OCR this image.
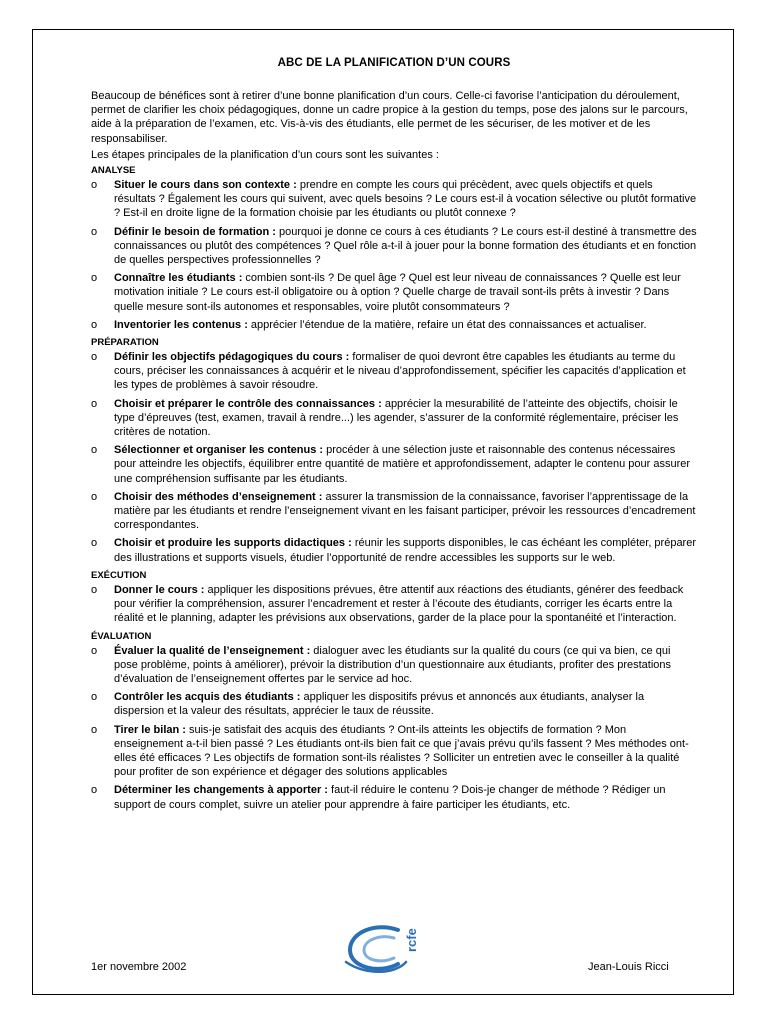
ABC DE LA PLANIFICATION D’UN COURS

Beaucoup de bénéfices sont à retirer d’une bonne planification d’un cours. Celle-ci favorise l’anticipation du déroulement, permet de clarifier les choix pédagogiques, donne un cadre propice à la gestion du temps, pose des jalons sur le parcours, aide à la préparation de l’examen, etc. Vis-à-vis des étudiants, elle permet de les sécuriser, de les motiver et de les responsabiliser.

Les étapes principales de la planification d’un cours sont les suivantes :

ANALYSE
o Situer le cours dans son contexte : prendre en compte les cours qui précèdent, avec quels objectifs et quels résultats ? Également les cours qui suivent, avec quels besoins ? Le cours est-il à vocation sélective ou plutôt formative ? Est-il en droite ligne de la formation choisie par les étudiants ou plutôt connexe ?
o Définir le besoin de formation : pourquoi je donne ce cours à ces étudiants ? Le cours est-il destiné à transmettre des connaissances ou plutôt des compétences ? Quel rôle a-t-il à jouer pour la bonne formation des étudiants et en fonction de quelles perspectives professionnelles ?
o Connaître les étudiants : combien sont-ils ? De quel âge ? Quel est leur niveau de connaissances ? Quelle est leur motivation initiale ? Le cours est-il obligatoire ou à option ? Quelle charge de travail sont-ils prêts à investir ? Dans quelle mesure sont-ils autonomes et responsables, voire plutôt consommateurs ?
o Inventorier les contenus : apprécier l’étendue de la matière, refaire un état des connaissances et actualiser.
PRÉPARATION
o Définir les objectifs pédagogiques du cours : formaliser de quoi devront être capables les étudiants au terme du cours, préciser les connaissances à acquérir et le niveau d’approfondissement, spécifier les capacités d’application et les types de problèmes à savoir résoudre.
o Choisir et préparer le contrôle des connaissances : apprécier la mesurabilité de l’atteinte des objectifs, choisir le type d’épreuves (test, examen, travail à rendre...) les agender, s’assurer de la conformité réglementaire, préciser les critères de notation.
o Sélectionner et organiser les contenus : procéder à une sélection juste et raisonnable des contenus nécessaires pour atteindre les objectifs, équilibrer entre quantité de matière et approfondissement, adapter le contenu pour assurer une compréhension suffisante par les étudiants.
o Choisir des méthodes d’enseignement : assurer la transmission de la connaissance, favoriser l’apprentissage de la matière par les étudiants et rendre l’enseignement vivant en les faisant participer, prévoir les ressources d’encadrement correspondantes.
o Choisir et produire les supports didactiques : réunir les supports disponibles, le cas échéant les compléter, préparer des illustrations et supports visuels, étudier l’opportunité de rendre accessibles les supports sur le web.
EXÉCUTION
o Donner le cours : appliquer les dispositions prévues, être attentif aux réactions des étudiants, générer des feedback pour vérifier la compréhension, assurer l’encadrement et rester à l’écoute des étudiants, corriger les écarts entre la réalité et le planning, adapter les prévisions aux observations, garder de la place pour la spontanéité et l’interaction.
ÉVALUATION
o Évaluer la qualité de l’enseignement : dialoguer avec les étudiants sur la qualité du cours (ce qui va bien, ce qui pose problème, points à améliorer), prévoir la distribution d’un questionnaire aux étudiants, profiter des prestations d’évaluation de l’enseignement offertes par le service ad hoc.
o Contrôler les acquis des étudiants : appliquer les dispositifs prévus et annoncés aux étudiants, analyser la dispersion et la valeur des résultats, apprécier le taux de réussite.
o Tirer le bilan : suis-je satisfait des acquis des étudiants ? Ont-ils atteints les objectifs de formation ? Mon enseignement a-t-il bien passé ? Les étudiants ont-ils bien fait ce que j’avais prévu qu’ils fassent ? Mes méthodes ont-elles été efficaces ? Les objectifs de formation sont-ils réalistes ? Solliciter un entretien avec le conseiller à la qualité pour profiter de son expérience et dégager des solutions applicables
o Déterminer les changements à apporter : faut-il réduire le contenu ? Dois-je changer de méthode ? Rédiger un support de cours complet, suivre un atelier pour apprendre à faire participer les étudiants, etc.
rcfe
1er novembre 2002	Jean-Louis Ricci
